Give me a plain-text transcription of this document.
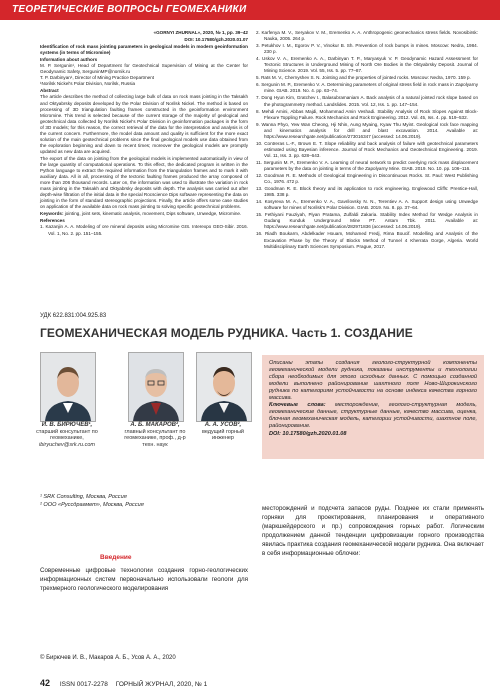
ТЕОРЕТИЧЕСКИЕ ВОПРОСЫ ГЕОМЕХАНИКИ

«GORNYI ZHURNAL», 2020, № 1, pp. 39–42

DOI: 10.17580/gzh.2020.01.07

Identification of rock mass jointing parameters in geological models in modern geoinformation systems (in terms of Micromine)

Information about authors

M. P. Sergunin¹, Head of Department for Geotechnical Supervision of Mining at the Center for Geodynamic Safety, SerguninMP@nornik.ru

T. P. Darbinyan¹, Director of Mining Practice Department

¹Norilsk Nickel's Polar Division, Norilsk, Russia

Abstract

The article describes the method of collecting large bulk of data on rock mass jointing in the Taksakh and Oktyabrsky deposits developed by the Polar Division of Norilsk Nickel. The method is based on processing of 3D triangulation faulting frames constructed in the geoinformation environment Micromine. This trend is selected because of the current storage of the majority of geological and geotechnical data collected by Norilsk Nickel's Polar Division in geoinformation packages in the form of 3D models; for this reason, the correct retrieval of the data for the interpretation and analysis is of the current concern. Furthermore, the model data amount and quality is sufficient for the more exact solution of the main geotechnical problems since the final geological models use data obtained from the exploration beginning and down to recent times; moreover the geological models are promptly updated as new data are acquired.

The export of the data on jointing from the geological models is implemented automatically in view of the large quantity of computational operations. To this effect, the dedicated program is written in the Python language to extract the required information from the triangulation frames and to mark it with auxiliary data. All in all, processing of the tectonic faulting frames produced the array composed of more than 206 thousand records. Later on, the information was used to illustrate the variation in rock mass jointing in the Taksakh and Oktyabrsky deposits with depth. The analysis was carried out after depth-wise filtration of the initial data in the special Rocscience Dips software representing the data on jointing in the form of standard stereographic projections. Finally, the article offers some case studies on application of the available data on rock mass jointing to solving specific geotechnical problems.

Keywords: jointing, joint sets, kinematic analysis, movement, Dips software, Unwedge, Micromine.

References

1. Kazanjin A. A. Modeling of ore mineral deposits using Micromine GIS. Interexpo GEO-Sibir. 2016. Vol. 1, No. 2. pp. 151–155.

2. Karfenya M. V., Seryakov V. M., Eremenko A. A. Anthropogenic geomechanics stress fields. Novosibirsk: Nauka, 2005. 264 p.

3. Petukhov I. M., Egorov P. V., Vinokur B. Sh. Prevention of rock bumps in mines. Moscow: Nedra, 1984. 230 p.

4. Uskov V. A., Eremenko A. A., Darbinyan T. P., Maryasyuk V. P. Geodynamic Hazard Assessment for Tectonic Structures in Underground Mining of North Ore Bodies in the Oktyabrsky Deposit. Journal of Mining Science. 2019. Vol. 55, Iss. 5. pp. 77–87.

5. Rats M. V., Chernyshev S. N. Jointing and the properties of jointed rocks. Moscow: Nedra, 1970. 159 p.

6. Sergunin M. P., Eremenko V. A. Determining parameters of original stress field in rock mass in Zapolyarny mine. GIAB. 2019. No. 4. pp. 63–74.

7. Dong Hyun Kim, Gratchev I., Balasubramaniam A. Back analysis of a natural jointed rock slope based on the photogrammetry method. Landslides. 2015. Vol. 12, Iss. 1. pp. 147–154.

8. Mehdi Amini, Abbas Majdi, Mohammad Amin Veshadi. Stability Analysis of Rock Slopes Against Block-Flexure Toppling Failure. Rock Mechanics and Rock Engineering. 2012. Vol. 45, Iss. 4. pp. 519–532.

9. Wanna Phyo, Yew Wan Cheong, Hji Nhin, Aung Myaing, Kyaw Thu Myint. Geological rock face mapping and kinematics analysis for drill and blast excavation. 2014. Available at: https://www.researchgate.net/publication/273016347 (accessed: 14.06.2019).

10. Contreras L.-F., Brown E. T. Slope reliability and back analysis of failure with geotechnical parameters estimated using Bayesian inference. Journal of Rock Mechanics and Geotechnical Engineering. 2019. Vol. 11, Iss. 3. pp. 628–643.

11. Sergunin M. P., Eremenko V. A. Learning of neural network to predict overlying rock mass displacement parameters by the data on jointing in terms of the Zapolyarny Mine. GIAB. 2019. No. 10. pp. 106–116.

12. Goodman R. E. Methods of Geological Engineering in Discontinuous Rocks. St. Paul: West Publishing Co., 1976. 472 p.

13. Goodman R. E. Block theory and its application to rock engineering. Englewood Cliffs: Prentice-Hall, 1985. 338 p.

14. Kosyreva M. A., Eremenko V. A., Gavrilovsky N. N., Terentiev A. A. Support design using Unwedge software for mines of Norilsk's Polar Division. GIAB. 2019. No. 8. pp. 37–64.

15. Fethiyani Fauziyah, Piyan Pratama, Zulfaldi Zakaria. Stability Index Method for Wedge Analysis in Gudang Kunduk Underground Mine PT. Antam Tbk. 2011. Available at: https://www.researchgate.net/publication/282971836 (accessed: 14.06.2019).

16. Riadh Boukarm, Abdelkader Houam, Mohamed Fredj, Rima Boucif. Modelling and Analysis of the Excavation Phase by the Theory of Blocks Method of Tunnel 4 Kherrata Gorge, Algeria. World Multidisciplinary Earth Sciences Symposium. Prague, 2017.

УДК 622.831:004.925.83
ГЕОМЕХАНИЧЕСКАЯ МОДЕЛЬ РУДНИКА. Часть 1. СОЗДАНИЕ
И. В. БИРЮЧЕВ¹,
старший консультант по геомеханике,
ibiryuchev@srk.ru.com
А. Б. МАКАРОВ²,
главный консультант по геомеханике, проф., д-р техн. наук
А. А. УСОВ²,
ведущий горный инженер

Описаны этапы создания геолого-структурной компоненты геомеханической модели рудника, показаны инструменты и технологии сбора необходимых для этого исходных данных. С помощью созданной модели выполнено районирование шахтного поля Ново-Широкинского рудника по категориям устойчивости на основе индекса качества горного массива.

Ключевые слова: месторождение, геолого-структурная модель, геомеханические данные, структурные данные, качество массива, оценка, блочная геомеханическая модель, категории устойчивости, шахтное поле, районирование.

DOI: 10.17580/gzh.2020.01.08

¹ SRK Consulting, Москва, Россия
² ООО «Руссдрагмет», Москва, Россия
Введение
Современные цифровые технологии создания горно-геологических информационных систем первоначально использовали геологи для трехмерного геологического моделирования
месторождений и подсчета запасов руды. Позднее их стали применять горняки для проектирования, планирования и оперативного (маркшейдерского и пр.) сопровождения горных работ. Логическим продолжением данной тенденции цифровизации горного производства явилась практика создания геомеханической модели рудника. Она включает в себя информационные облочки:
© Бирючев И. В., Макаров А. Б., Усов А. А., 2020
42 ISSN 0017-2278 ГОРНЫЙ ЖУРНАЛ, 2020, № 1
